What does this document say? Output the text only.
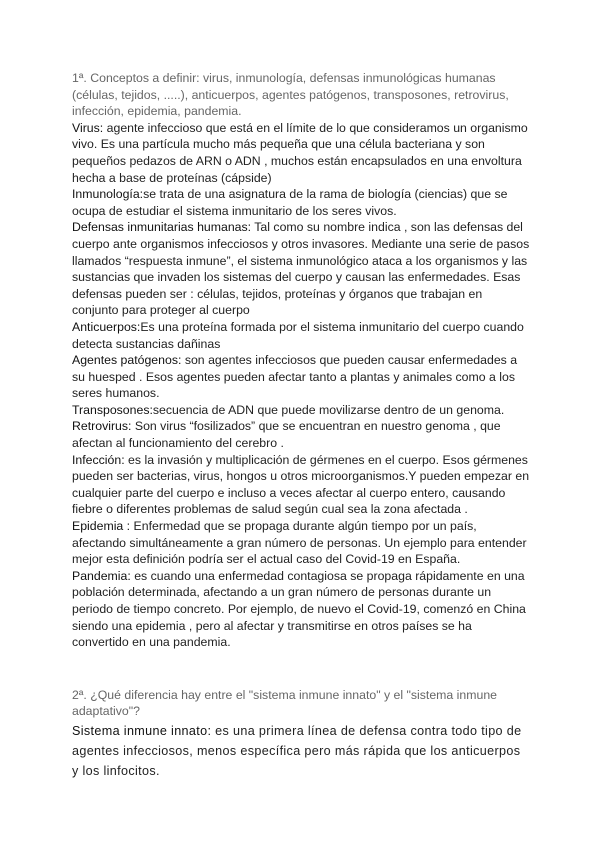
1ª. Conceptos a definir: virus, inmunología, defensas inmunológicas humanas (células, tejidos, .....), anticuerpos, agentes patógenos, transposones, retrovirus, infección, epidemia, pandemia.

Virus: agente infeccioso que está en el límite de lo que consideramos un organismo vivo. Es una partícula mucho más pequeña que una célula bacteriana y son pequeños pedazos de ARN o ADN , muchos están encapsulados en una envoltura hecha a base de proteínas (cápside)

Inmunología:se trata de una asignatura de la rama de biología (ciencias) que se ocupa de estudiar el sistema inmunitario de los seres vivos.

Defensas inmunitarias humanas: Tal como su nombre indica , son las defensas del cuerpo ante organismos infecciosos y otros invasores. Mediante una serie de pasos llamados “respuesta inmune”, el sistema inmunológico ataca a los organismos y las sustancias que invaden los sistemas del cuerpo y causan las enfermedades. Esas defensas pueden ser : células, tejidos, proteínas y órganos que trabajan en conjunto para proteger al cuerpo

Anticuerpos:Es una proteína formada por el sistema inmunitario del cuerpo cuando detecta sustancias dañinas

Agentes patógenos: son agentes infecciosos que pueden causar enfermedades a su huesped . Esos agentes pueden afectar tanto a plantas y animales como a los seres humanos.

Transposones:secuencia de ADN que puede movilizarse dentro de un genoma.

Retrovirus: Son virus “fosilizados” que se encuentran en nuestro genoma , que afectan al funcionamiento del cerebro .

Infección: es la invasión y multiplicación de gérmenes en el cuerpo. Esos gérmenes pueden ser bacterias, virus, hongos u otros microorganismos.Y pueden empezar en cualquier parte del cuerpo e incluso a veces afectar al cuerpo entero, causando fiebre o diferentes problemas de salud según cual sea la zona afectada .

Epidemia : Enfermedad que se propaga durante algún tiempo por un país, afectando simultáneamente a gran número de personas. Un ejemplo para entender mejor esta definición podría ser el actual caso del Covid-19 en España.

Pandemia: es cuando una enfermedad contagiosa se propaga rápidamente en una población determinada, afectando a un gran número de personas durante un periodo de tiempo concreto. Por ejemplo, de nuevo el Covid-19, comenzó en China siendo una epidemia , pero al afectar y transmitirse en otros países se ha convertido en una pandemia.

2ª. ¿Qué diferencia hay entre el "sistema inmune innato" y el "sistema inmune adaptativo"?

Sistema inmune innato: es una primera línea de defensa contra todo tipo de agentes infecciosos, menos específica pero más rápida que los anticuerpos y los linfocitos.
